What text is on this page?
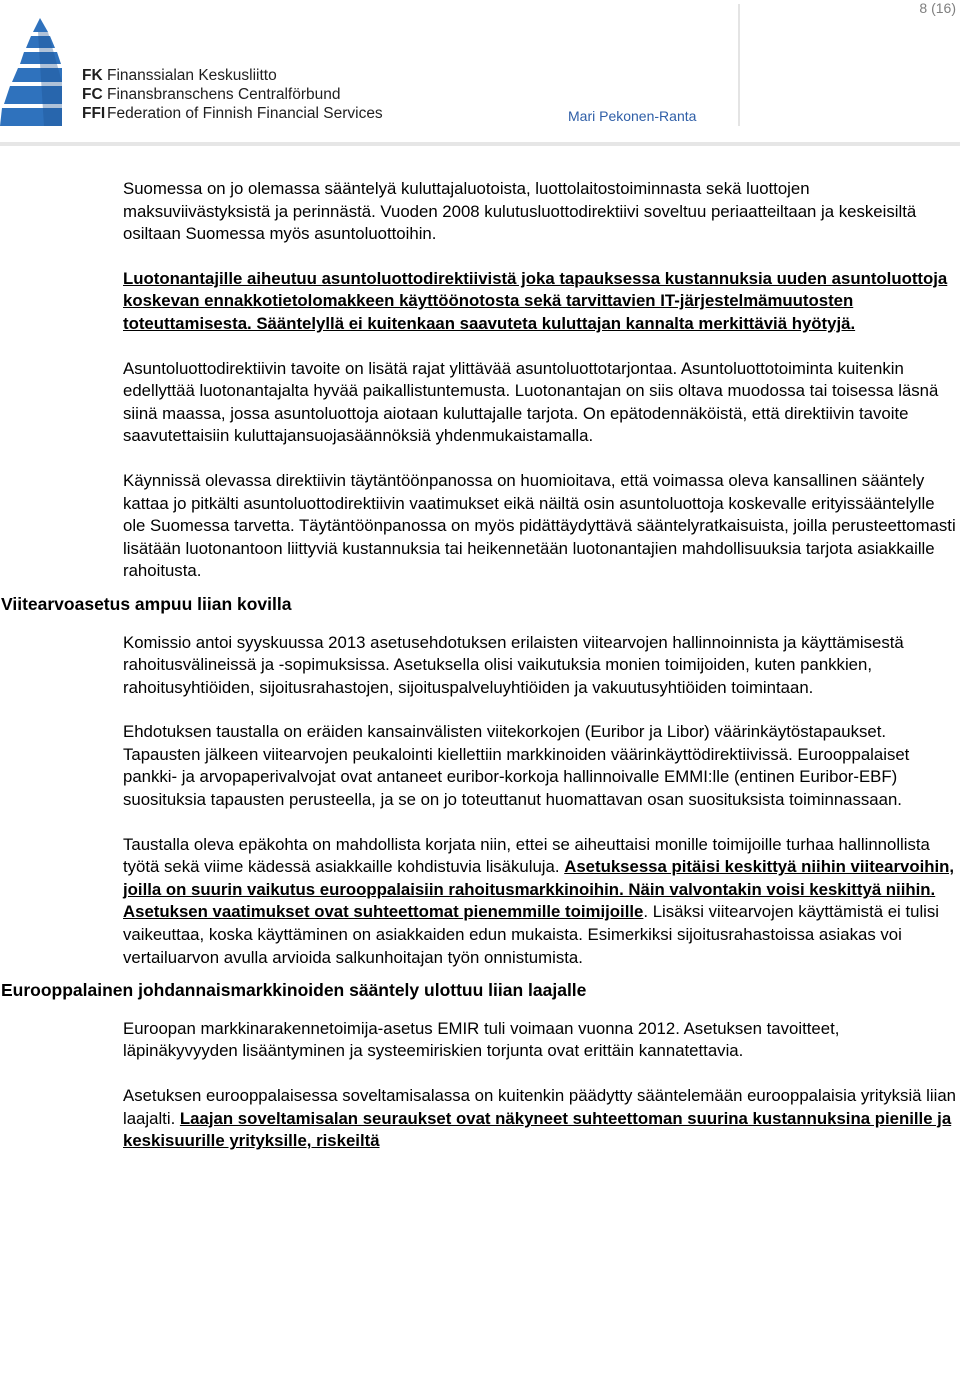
8 (16)
FK Finanssialan Keskusliitto
FC Finansbranschens Centralförbund
FFI Federation of Finnish Financial Services	Mari Pekonen-Ranta

Suomessa on jo olemassa sääntelyä kuluttajaluotoista, luottolaitostoiminnasta sekä luottojen maksuviivästyksistä ja perinnästä. Vuoden 2008 kulutusluottodirektiivi soveltuu periaatteiltaan ja keskeisiltä osiltaan Suomessa myös asuntoluottoihin.

Luotonantajille aiheutuu asuntoluottodirektiivistä joka tapauksessa kustannuksia uuden asuntoluottoja koskevan ennakkotietolomakkeen käyttöönotosta sekä tarvittavien IT-järjestelmämuutosten toteuttamisesta. Sääntelyllä ei kuitenkaan saavuteta kuluttajan kannalta merkittäviä hyötyjä.

Asuntoluottodirektiivin tavoite on lisätä rajat ylittävää asuntoluottotarjontaa. Asuntoluottotoiminta kuitenkin edellyttää luotonantajalta hyvää paikallistuntemusta. Luotonantajan on siis oltava muodossa tai toisessa läsnä siinä maassa, jossa asuntoluottoja aiotaan kuluttajalle tarjota. On epätodennäköistä, että direktiivin tavoite saavutettaisiin kuluttajansuojasäännöksiä yhdenmukaistamalla.

Käynnissä olevassa direktiivin täytäntöönpanossa on huomioitava, että voimassa oleva kansallinen sääntely kattaa jo pitkälti asuntoluottodirektiivin vaatimukset eikä näiltä osin asuntoluottoja koskevalle erityissääntelylle ole Suomessa tarvetta. Täytäntöönpanossa on myös pidättäydyttävä sääntelyratkaisuista, joilla perusteettomasti lisätään luotonantoon liittyviä kustannuksia tai heikennetään luotonantajien mahdollisuuksia tarjota asiakkaille rahoitusta.

Viitearvoasetus ampuu liian kovilla

Komissio antoi syyskuussa 2013 asetusehdotuksen erilaisten viitearvojen hallinnoinnista ja käyttämisestä rahoitusvälineissä ja -sopimuksissa. Asetuksella olisi vaikutuksia monien toimijoiden, kuten pankkien, rahoitusyhtiöiden, sijoitusrahastojen, sijoituspalveluyhtiöiden ja vakuutusyhtiöiden toimintaan.

Ehdotuksen taustalla on eräiden kansainvälisten viitekorkojen (Euribor ja Libor) väärinkäytöstapaukset. Tapausten jälkeen viitearvojen peukalointi kiellettiin markkinoiden väärinkäyttödirektiivissä. Eurooppalaiset pankki- ja arvopaperivalvojat ovat antaneet euribor-korkoja hallinnoivalle EMMI:lle (entinen Euribor-EBF) suosituksia tapausten perusteella, ja se on jo toteuttanut huomattavan osan suosituksista toiminnassaan.

Taustalla oleva epäkohta on mahdollista korjata niin, ettei se aiheuttaisi monille toimijoille turhaa hallinnollista työtä sekä viime kädessä asiakkaille kohdistuvia lisäkuluja. Asetuksessa pitäisi keskittyä niihin viitearvoihin, joilla on suurin vaikutus eurooppalaisiin rahoitusmarkkinoihin. Näin valvontakin voisi keskittyä niihin. Asetuksen vaatimukset ovat suhteettomat pienemmille toimijoille. Lisäksi viitearvojen käyttämistä ei tulisi vaikeuttaa, koska käyttäminen on asiakkaiden edun mukaista. Esimerkiksi sijoitusrahastoissa asiakas voi vertailuarvon avulla arvioida salkunhoitajan työn onnistumista.

Eurooppalainen johdannaismarkkinoiden sääntely ulottuu liian laajalle

Euroopan markkinarakennetoimija-asetus EMIR tuli voimaan vuonna 2012. Asetuksen tavoitteet, läpinäkyvyyden lisääntyminen ja systeemiriskien torjunta ovat erittäin kannatettavia.

Asetuksen eurooppalaisessa soveltamisalassa on kuitenkin päädytty sääntelemään eurooppalaisia yrityksiä liian laajalti. Laajan soveltamisalan seuraukset ovat näkyneet suhteettoman suurina kustannuksina pienille ja keskisuurille yrityksille, riskeiltä
